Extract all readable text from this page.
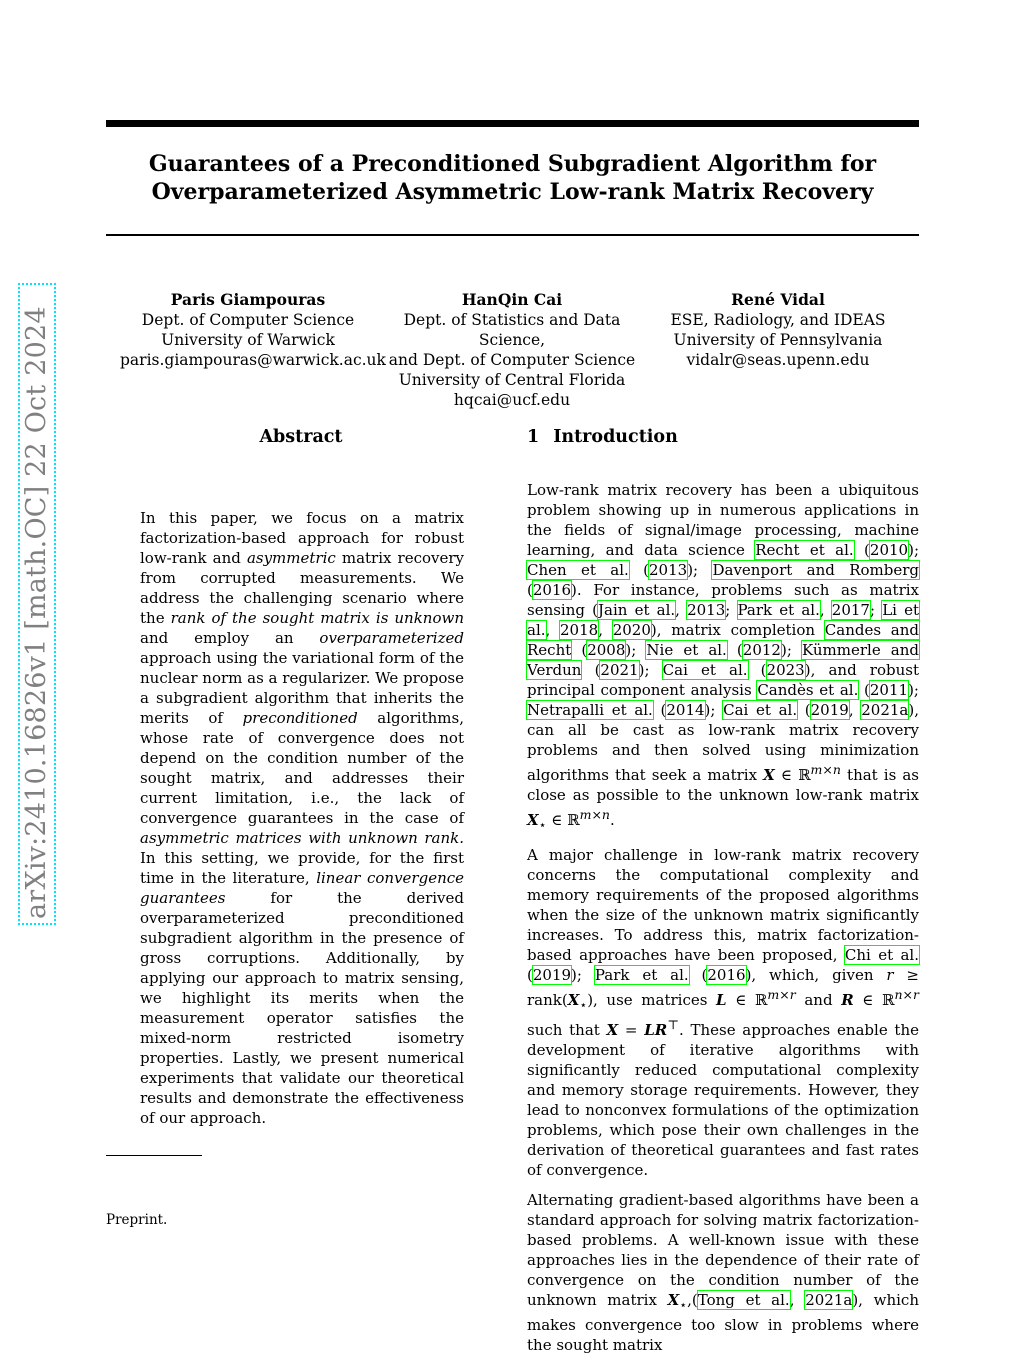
Guarantees of a Preconditioned Subgradient Algorithm for
Overparameterized Asymmetric Low-rank Matrix Recovery
arXiv:2410.16826v1 [math.OC] 22 Oct 2024
Paris Giampouras
Dept. of Computer Science
University of Warwick
paris.giampouras@warwick.ac.uk
HanQin Cai
Dept. of Statistics and Data Science,
and Dept. of Computer Science
University of Central Florida
hqcai@ucf.edu
René Vidal
ESE, Radiology, and IDEAS
University of Pennsylvania
vidalr@seas.upenn.edu
Abstract	1 Introduction
In this paper, we focus on a matrix factorization-based approach for robust low-rank and asymmetric matrix recovery from corrupted measurements. We address the challenging scenario where the rank of the sought matrix is unknown and employ an overparameterized approach using the variational form of the nuclear norm as a regularizer. We propose a subgradient algorithm that inherits the merits of preconditioned algorithms, whose rate of convergence does not depend on the condition number of the sought matrix, and addresses their current limitation, i.e., the lack of convergence guarantees in the case of asymmetric matrices with unknown rank. In this setting, we provide, for the first time in the literature, linear convergence guarantees for the derived overparameterized preconditioned subgradient algorithm in the presence of gross corruptions. Additionally, by applying our approach to matrix sensing, we highlight its merits when the measurement operator satisfies the mixed-norm restricted isometry properties. Lastly, we present numerical experiments that validate our theoretical results and demonstrate the effectiveness of our approach.

Low-rank matrix recovery has been a ubiquitous problem showing up in numerous applications in the fields of signal/image processing, machine learning, and data science Recht et al. (2010); Chen et al. (2013); Davenport and Romberg (2016). For instance, problems such as matrix sensing (Jain et al., 2013; Park et al., 2017; Li et al., 2018, 2020), matrix completion Candes and Recht (2008); Nie et al. (2012); Kümmerle and Verdun (2021); Cai et al. (2023), and robust principal component analysis Candès et al. (2011); Netrapalli et al. (2014); Cai et al. (2019, 2021a), can all be cast as low-rank matrix recovery problems and then solved using minimization algorithms that seek a matrix X ∈ ℝ$^{m\times n}$ that is as close as possible to the unknown low-rank matrix $X_⋆$ ∈ ℝ$^{m\times n}$.

A major challenge in low-rank matrix recovery concerns the computational complexity and memory requirements of the proposed algorithms when the size of the unknown matrix significantly increases. To address this, matrix factorization-based approaches have been proposed, Chi et al. (2019); Park et al. (2016), which, given $r \ge rank(X_⋆)$, use matrices L ∈ ℝ$^{m\times r}$ and R ∈ ℝ$^{n\times r}$ such that X = LR⊤. These approaches enable the development of iterative algorithms with significantly reduced computational complexity and memory storage requirements. However, they lead to nonconvex formulations of the optimization problems, which pose their own challenges in the derivation of theoretical guarantees and fast rates of convergence.

Alternating gradient-based algorithms have been a standard approach for solving matrix factorization-based problems. A well-known issue with these approaches lies in the dependence of their rate of convergence on the condition number of the unknown matrix $X_⋆,(Tong$ et al., 2021a), which makes convergence too slow in problems where the sought matrix

Preprint.
